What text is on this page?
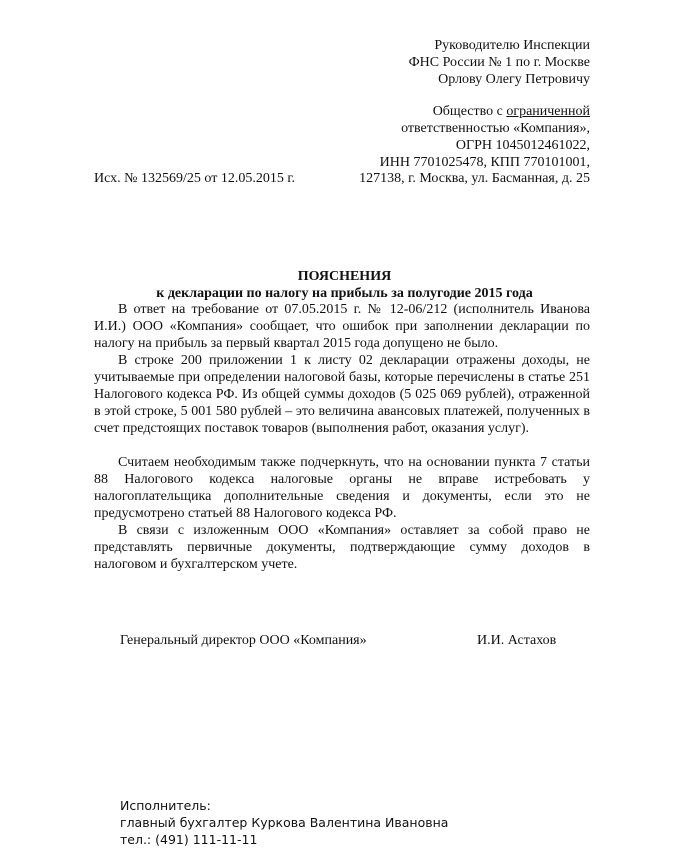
Руководителю Инспекции
ФНС России № 1 по г. Москве
Орлову Олегу Петровичу
Общество с ограниченной
ответственностью «Компания»,
ОГРН 1045012461022,
ИНН 7701025478, КПП 770101001,
127138, г. Москва, ул. Басманная, д. 25
Исх. № 132569/25 от 12.05.2015 г.
ПОЯСНЕНИЯ
к декларации по налогу на прибыль за полугодие 2015 года
В ответ на требование от 07.05.2015 г. № 12-06/212 (исполнитель Иванова И.И.) ООО «Компания» сообщает, что ошибок при заполнении декларации по налогу на прибыль за первый квартал 2015 года допущено не было.
В строке 200 приложении 1 к листу 02 декларации отражены доходы, не учитываемые при определении налоговой базы, которые перечислены в статье 251 Налогового кодекса РФ. Из общей суммы доходов (5 025 069 рублей), отраженной в этой строке, 5 001 580 рублей – это величина авансовых платежей, полученных в счет предстоящих поставок товаров (выполнения работ, оказания услуг).
Считаем необходимым также подчеркнуть, что на основании пункта 7 статьи 88 Налогового кодекса налоговые органы не вправе истребовать у налогоплательщика дополнительные сведения и документы, если это не предусмотрено статьей 88 Налогового кодекса РФ.
В связи с изложенным ООО «Компания» оставляет за собой право не представлять первичные документы, подтверждающие сумму доходов в налоговом и бухгалтерском учете.
Генеральный директор ООО «Компания»	И.И. Астахов
Исполнитель:
главный бухгалтер Куркова Валентина Ивановна
тел.: (491) 111-11-11
